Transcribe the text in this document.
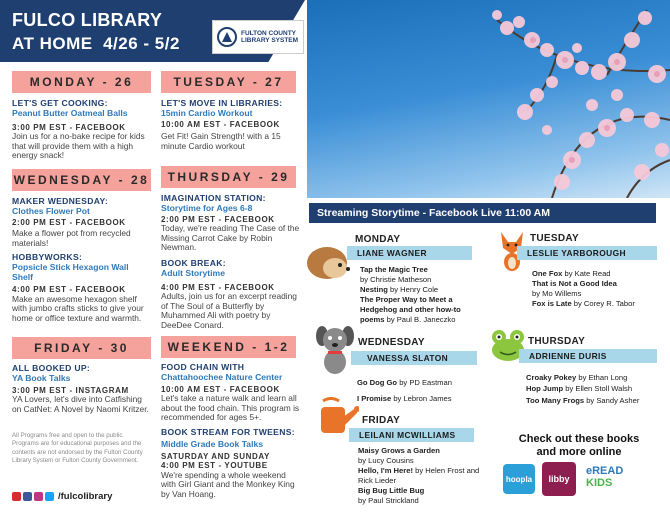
FULCO LIBRARY
AT HOME 4/26 - 5/2
FULTON COUNTY
LIBRARY SYSTEM
MONDAY - 26
LET'S GET COOKING:
Peanut Butter Oatmeal Balls
3:00 PM EST - FACEBOOK
Join us for a no-bake recipe for kids that will provide them with a high energy snack!
TUESDAY - 27
LET'S MOVE IN LIBRARIES:
15min Cardio Workout
10:00 AM EST - FACEBOOK
Get Fit! Gain Strength! with a 15 minute Cardio workout
WEDNESDAY - 28
MAKER WEDNESDAY:
Clothes Flower Pot
2:00 PM EST - FACEBOOK
Make a flower pot from recycled materials!
HOBBYWORKS:
Popsicle Stick Hexagon Wall Shelf
4:00 PM EST - FACEBOOK
Make an awesome hexagon shelf with jumbo crafts sticks to give your home or office texture and warmth.
THURSDAY - 29
IMAGINATION STATION:
Storytime for Ages 6-8
2:00 PM EST - FACEBOOK
Today, we're reading The Case of the Missing Carrot Cake by Robin Newman.
BOOK BREAK:
Adult Storytime
4:00 PM EST - FACEBOOK
Adults, join us for an excerpt reading of The Soul of a Butterfly by Muhammed Ali with poetry by DeeDee Conard.
FRIDAY - 30
ALL BOOKED UP:
YA Book Talks
3:00 PM EST - INSTAGRAM
YA Lovers, let's dive into Catfishing on CatNet: A Novel by Naomi Kritzer.
WEEKEND - 1-2
FOOD CHAIN WITH
Chattahoochee Nature Center
10:00 AM EST - FACEBOOK
Let's take a nature walk and learn all about the food chain. This program is recommended for ages 5+.
BOOK STREAM FOR TWEENS:
Middle Grade Book Talks
SATURDAY AND SUNDAY
4:00 PM EST - YOUTUBE
We're spending a whole weekend with Girl Giant and the Monkey King by Van Hoang.
All Programs free and open to the public. Programs are for educational purposes and the contents are not endorsed by the Fulton County Library System or Fulton County Government.
/fulcolibrary
Streaming Storytime - Facebook Live 11:00 AM
MONDAY
LIANE WAGNER
Tap the Magic Tree
by Christie Matheson
Nesting by Henry Cole
The Proper Way to Meet a Hedgehog and other how-to poems by Paul B. Janeczko
TUESDAY
LESLIE YARBOROUGH
One Fox by Kate Read
That is Not a Good Idea
by Mo Willems
Fox is Late by Corey R. Tabor
WEDNESDAY
VANESSA SLATON
Go Dog Go by PD Eastman
I Promise by Lebron James
THURSDAY
ADRIENNE DURIS
Croaky Pokey by Ethan Long
Hop Jump by Ellen Stoll Walsh
Too Many Frogs by Sandy Asher
FRIDAY
LEILANI MCWILLIAMS
Maisy Grows a Garden
by Lucy Cousins
Hello, I'm Here! by Helen Frost and Rick Lieder
Big Bug Little Bug
by Paul Strickland
Check out these books
and more online
hoopla	libby
eREAD
KIDS
